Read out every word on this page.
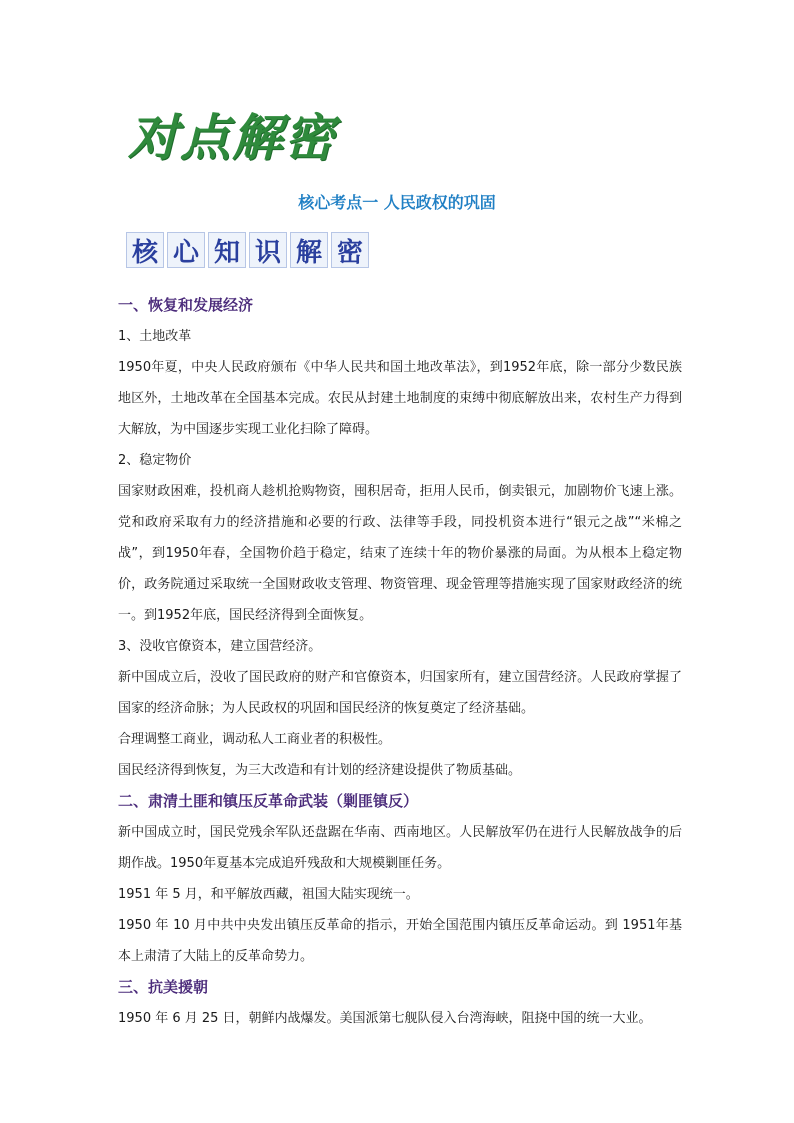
对点解密
核心考点一 人民政权的巩固
核 心 知 识 解 密
一、恢复和发展经济
1、土地改革

1950年夏，中央人民政府颁布《中华人民共和国土地改革法》，到1952年底，除一部分少数民族地区外，土地改革在全国基本完成。农民从封建土地制度的束缚中彻底解放出来，农村生产力得到大解放，为中国逐步实现工业化扫除了障碍。

2、稳定物价

国家财政困难，投机商人趁机抢购物资，囤积居奇，拒用人民币，倒卖银元，加剧物价飞速上涨。党和政府采取有力的经济措施和必要的行政、法律等手段，同投机资本进行“银元之战”“米棉之战”，到1950年春，全国物价趋于稳定，结束了连续十年的物价暴涨的局面。为从根本上稳定物价，政务院通过采取统一全国财政收支管理、物资管理、现金管理等措施实现了国家财政经济的统一。到1952年底，国民经济得到全面恢复。

3、没收官僚资本，建立国营经济。

新中国成立后，没收了国民政府的财产和官僚资本，归国家所有，建立国营经济。人民政府掌握了国家的经济命脉；为人民政权的巩固和国民经济的恢复奠定了经济基础。

合理调整工商业，调动私人工商业者的积极性。

国民经济得到恢复，为三大改造和有计划的经济建设提供了物质基础。

二、肃清土匪和镇压反革命武装（剿匪镇反）

新中国成立时，国民党残余军队还盘踞在华南、西南地区。人民解放军仍在进行人民解放战争的后期作战。1950年夏基本完成追歼残敌和大规模剿匪任务。

1951 年 5 月，和平解放西藏，祖国大陆实现统一。

1950 年 10 月中共中央发出镇压反革命的指示，开始全国范围内镇压反革命运动。到 1951年基本上肃清了大陆上的反革命势力。

三、抗美援朝

1950 年 6 月 25 日，朝鲜内战爆发。美国派第七舰队侵入台湾海峡，阻挠中国的统一大业。
